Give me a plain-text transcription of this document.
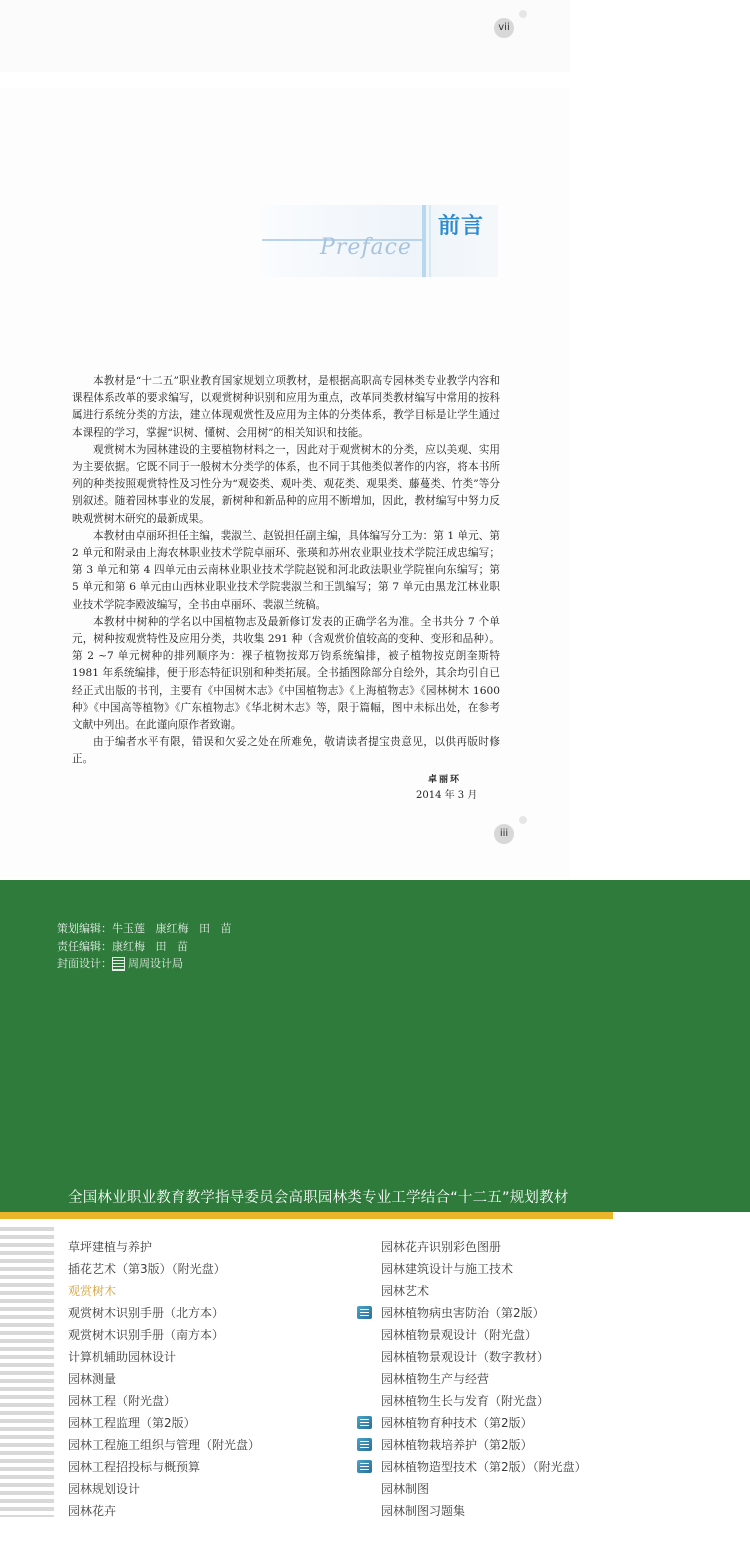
vii
前言
Preface

本教材是“十二五”职业教育国家规划立项教材，是根据高职高专园林类专业教学内容和课程体系改革的要求编写，以观赏树种识别和应用为重点，改革同类教材编写中常用的按科属进行系统分类的方法，建立体现观赏性及应用为主体的分类体系，教学目标是让学生通过本课程的学习，掌握“识树、懂树、会用树”的相关知识和技能。

观赏树木为园林建设的主要植物材料之一，因此对于观赏树木的分类，应以美观、实用为主要依据。它既不同于一般树木分类学的体系，也不同于其他类似著作的内容，将本书所列的种类按照观赏特性及习性分为“观姿类、观叶类、观花类、观果类、藤蔓类、竹类”等分别叙述。随着园林事业的发展，新树种和新品种的应用不断增加，因此，教材编写中努力反映观赏树木研究的最新成果。

本教材由卓丽环担任主编，裴淑兰、赵锐担任副主编，具体编写分工为：第 1 单元、第 2 单元和附录由上海农林职业技术学院卓丽环、张瑛和苏州农业职业技术学院汪成忠编写；第 3 单元和第 4 四单元由云南林业职业技术学院赵锐和河北政法职业学院崔向东编写；第 5 单元和第 6 单元由山西林业职业技术学院裴淑兰和王凯编写；第 7 单元由黑龙江林业职业技术学院李殿波编写，全书由卓丽环、裴淑兰统稿。

本教材中树种的学名以中国植物志及最新修订发表的正确学名为准。全书共分 7 个单元，树种按观赏特性及应用分类，共收集 291 种（含观赏价值较高的变种、变形和品种）。第 2 ~7 单元树种的排列顺序为：裸子植物按郑万钧系统编排，被子植物按克朗奎斯特 1981 年系统编排，便于形态特征识别和种类拓展。全书插图除部分自绘外，其余均引自已经正式出版的书刊，主要有《中国树木志》《中国植物志》《上海植物志》《园林树木 1600 种》《中国高等植物》《广东植物志》《华北树木志》等，限于篇幅，图中未标出处，在参考文献中列出。在此谨向原作者致谢。

由于编者水平有限，错误和欠妥之处在所难免，敬请读者提宝贵意见，以供再版时修正。

卓丽环
2014 年 3 月
iii
策划编辑：牛玉莲   康红梅   田   苗
责任编辑：康红梅   田   苗
封面设计： 周周设计局
全国林业职业教育教学指导委员会高职园林类专业工学结合“十二五”规划教材
草坪建植与养护
插花艺术（第3版）（附光盘）
观赏树木
观赏树木识别手册（北方本）
观赏树木识别手册（南方本）
计算机辅助园林设计
园林测量
园林工程（附光盘）
园林工程监理（第2版）
园林工程施工组织与管理（附光盘）
园林工程招投标与概预算
园林规划设计
园林花卉
园林花卉识别彩色图册
园林建筑设计与施工技术
园林艺术
园林植物病虫害防治（第2版）
园林植物景观设计（附光盘）
园林植物景观设计（数字教材）
园林植物生产与经营
园林植物生长与发育（附光盘）
园林植物育种技术（第2版）
园林植物栽培养护（第2版）
园林植物造型技术（第2版）（附光盘）
园林制图
园林制图习题集
